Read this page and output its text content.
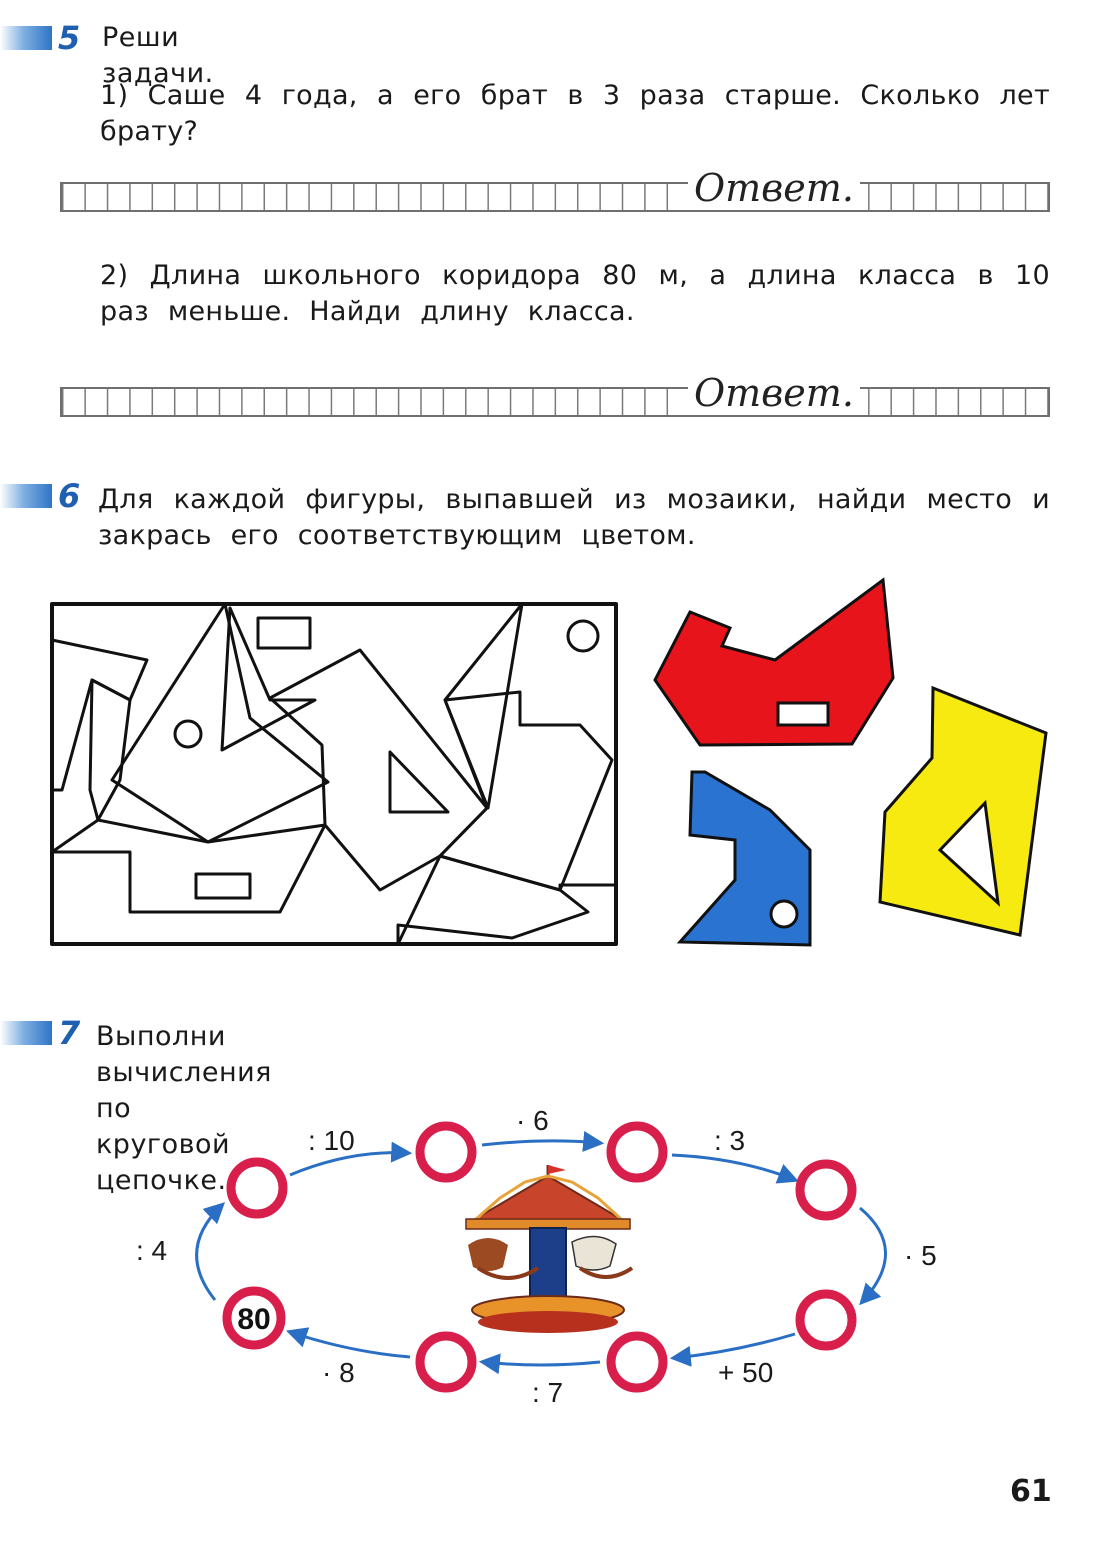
5 Реши задачи.
1) Саше 4 года, а его брат в 3 раза старше. Сколько лет брату?
Ответ.
2) Длина школьного коридора 80 м, а длина класса в 10 раз меньше. Найди длину класса.
Ответ.
6 Для каждой фигуры, выпавшей из мозаики, найди место и закрась его соответствующим цветом.
7 Выполни вычисления по круговой цепочке.
80
: 4
: 10
· 6
: 3
· 5
+ 50
: 7
· 8
61
